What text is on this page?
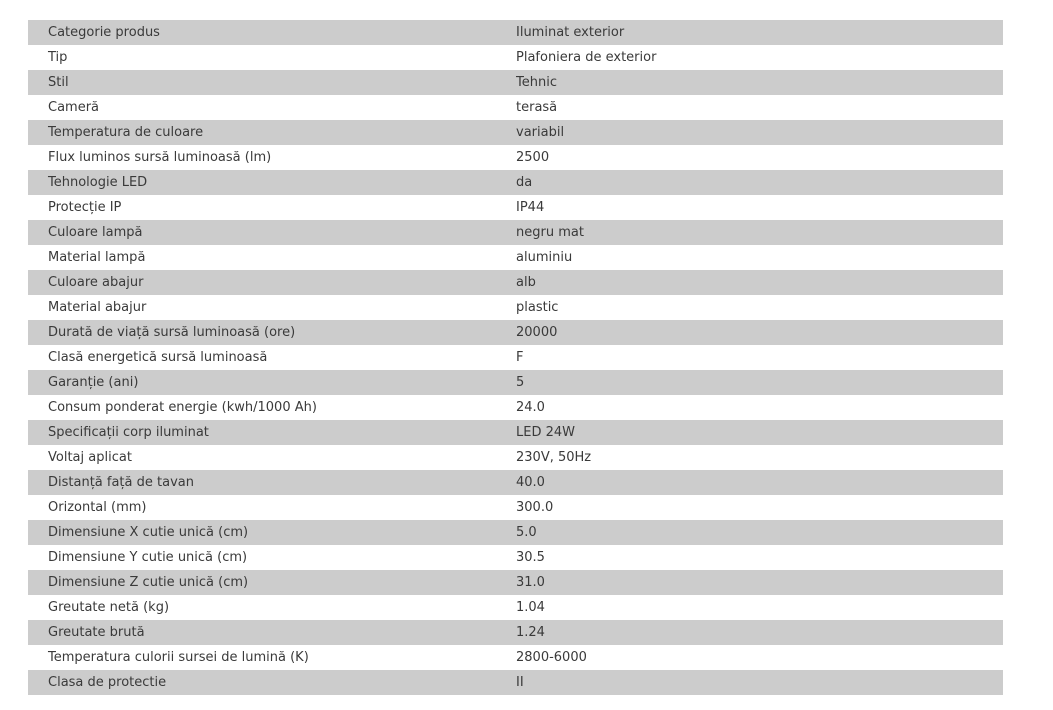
Categorie produs	Iluminat exterior
Tip	Plafoniera de exterior
Stil	Tehnic
Cameră	terasă
Temperatura de culoare	variabil
Flux luminos sursă luminoasă (lm)	2500
Tehnologie LED	da
Protecție IP	IP44
Culoare lampă	negru mat
Material lampă	aluminiu
Culoare abajur	alb
Material abajur	plastic
Durată de viață sursă luminoasă (ore)	20000
Clasă energetică sursă luminoasă	F
Garanție (ani)	5
Consum ponderat energie (kwh/1000 Ah)	24.0
Specificații corp iluminat	LED 24W
Voltaj aplicat	230V, 50Hz
Distanță față de tavan	40.0
Orizontal (mm)	300.0
Dimensiune X cutie unică (cm)	5.0
Dimensiune Y cutie unică (cm)	30.5
Dimensiune Z cutie unică (cm)	31.0
Greutate netă (kg)	1.04
Greutate brută	1.24
Temperatura culorii sursei de lumină (K)	2800-6000
Clasa de protectie	II
